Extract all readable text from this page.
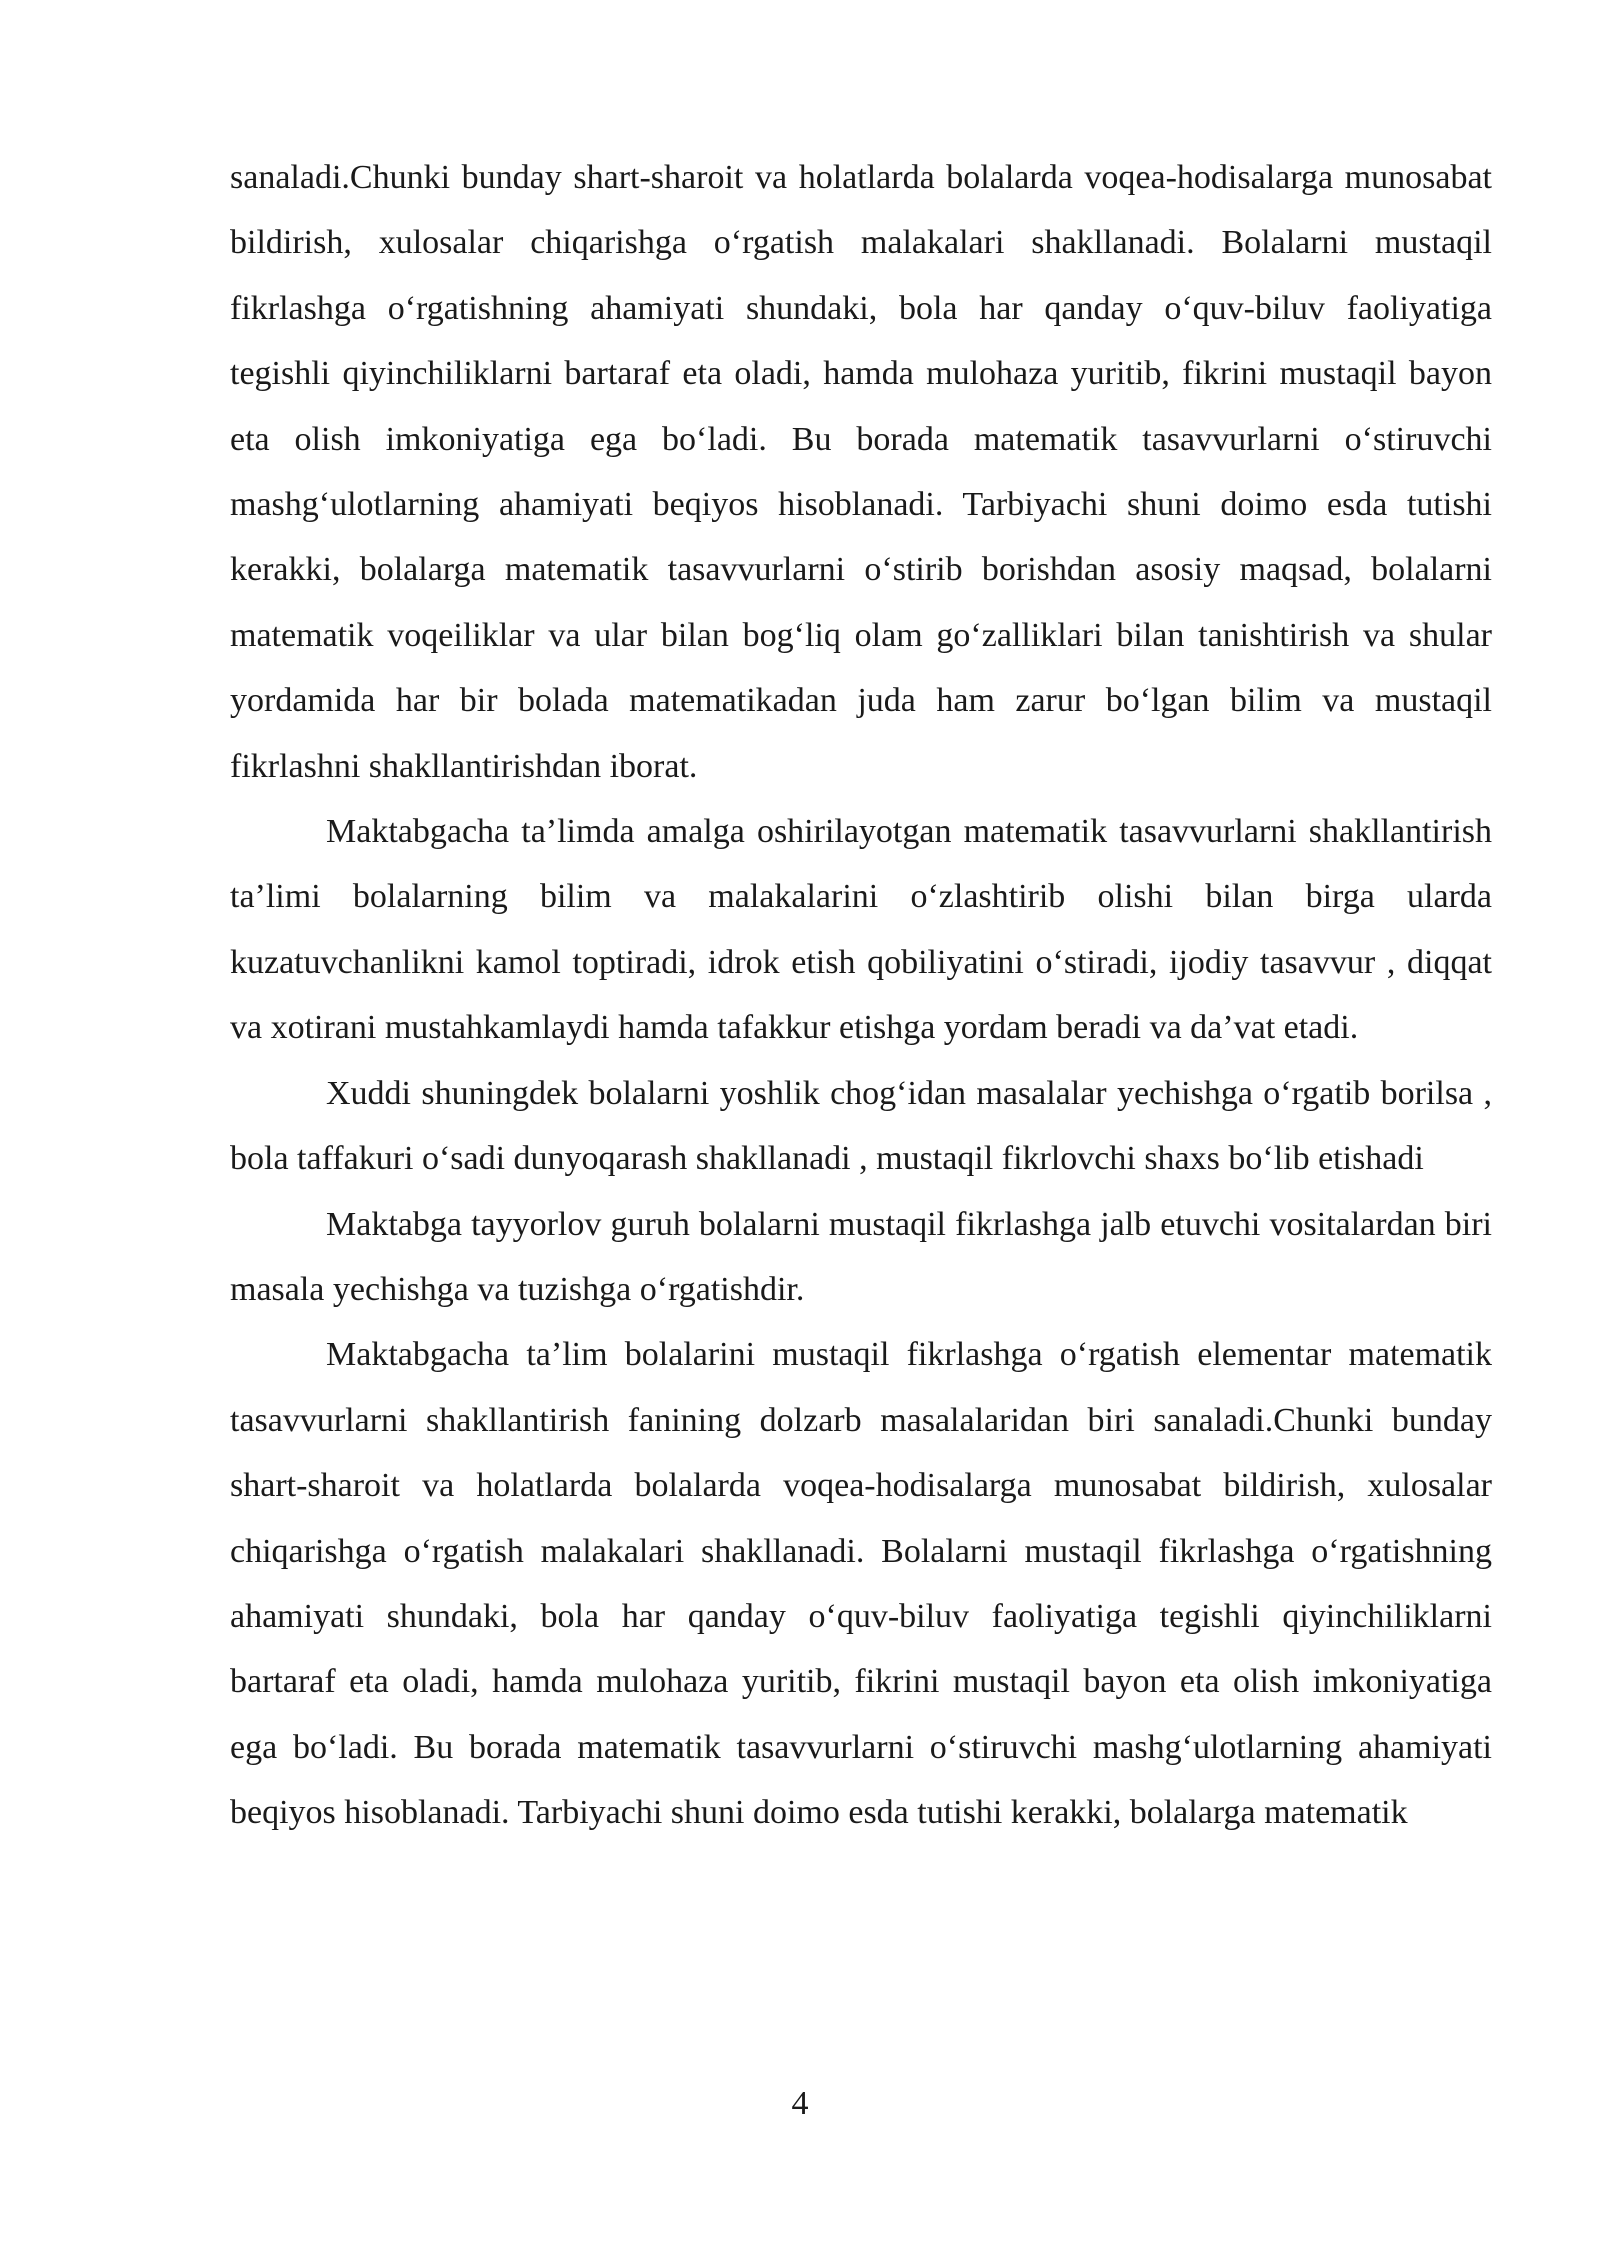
sanaladi.Chunki bunday shart-sharoit va holatlarda bolalarda voqea-hodisalarga munosabat bildirish, xulosalar chiqarishga o‘rgatish malakalari shakllanadi. Bolalarni mustaqil fikrlashga o‘rgatishning ahamiyati shundaki, bola har qanday o‘quv-biluv faoliyatiga tegishli qiyinchiliklarni bartaraf eta oladi, hamda mulohaza yuritib, fikrini mustaqil bayon eta olish imkoniyatiga ega bo‘ladi. Bu borada matematik tasavvurlarni o‘stiruvchi mashg‘ulotlarning ahamiyati beqiyos hisoblanadi. Tarbiyachi shuni doimo esda tutishi kerakki, bolalarga matematik tasavvurlarni o‘stirib borishdan asosiy maqsad, bolalarni matematik voqeiliklar va ular bilan bog‘liq olam go‘zalliklari bilan tanishtirish va shular yordamida har bir bolada matematikadan juda ham zarur bo‘lgan bilim va mustaqil fikrlashni shakllantirishdan iborat.

Maktabgacha ta’limda amalga oshirilayotgan matematik tasavvurlarni shakllantirish ta’limi bolalarning bilim va malakalarini o‘zlashtirib olishi bilan birga ularda kuzatuvchanlikni kamol toptiradi, idrok etish qobiliyatini o‘stiradi, ijodiy tasavvur , diqqat va xotirani mustahkamlaydi hamda tafakkur etishga yordam beradi va da’vat etadi.

Xuddi shuningdek bolalarni yoshlik chog‘idan masalalar yechishga o‘rgatib borilsa , bola taffakuri o‘sadi dunyoqarash shakllanadi , mustaqil fikrlovchi shaxs bo‘lib etishadi

Maktabga tayyorlov guruh bolalarni mustaqil fikrlashga jalb etuvchi vositalardan biri masala yechishga va tuzishga o‘rgatishdir.

Maktabgacha ta’lim bolalarini mustaqil fikrlashga o‘rgatish elementar matematik tasavvurlarni shakllantirish fanining dolzarb masalalaridan biri sanaladi.Chunki bunday shart-sharoit va holatlarda bolalarda voqea-hodisalarga munosabat bildirish, xulosalar chiqarishga o‘rgatish malakalari shakllanadi. Bolalarni mustaqil fikrlashga o‘rgatishning ahamiyati shundaki, bola har qanday o‘quv-biluv faoliyatiga tegishli qiyinchiliklarni bartaraf eta oladi, hamda mulohaza yuritib, fikrini mustaqil bayon eta olish imkoniyatiga ega bo‘ladi. Bu borada matematik tasavvurlarni o‘stiruvchi mashg‘ulotlarning ahamiyati beqiyos hisoblanadi. Tarbiyachi shuni doimo esda tutishi kerakki, bolalarga matematik

4
